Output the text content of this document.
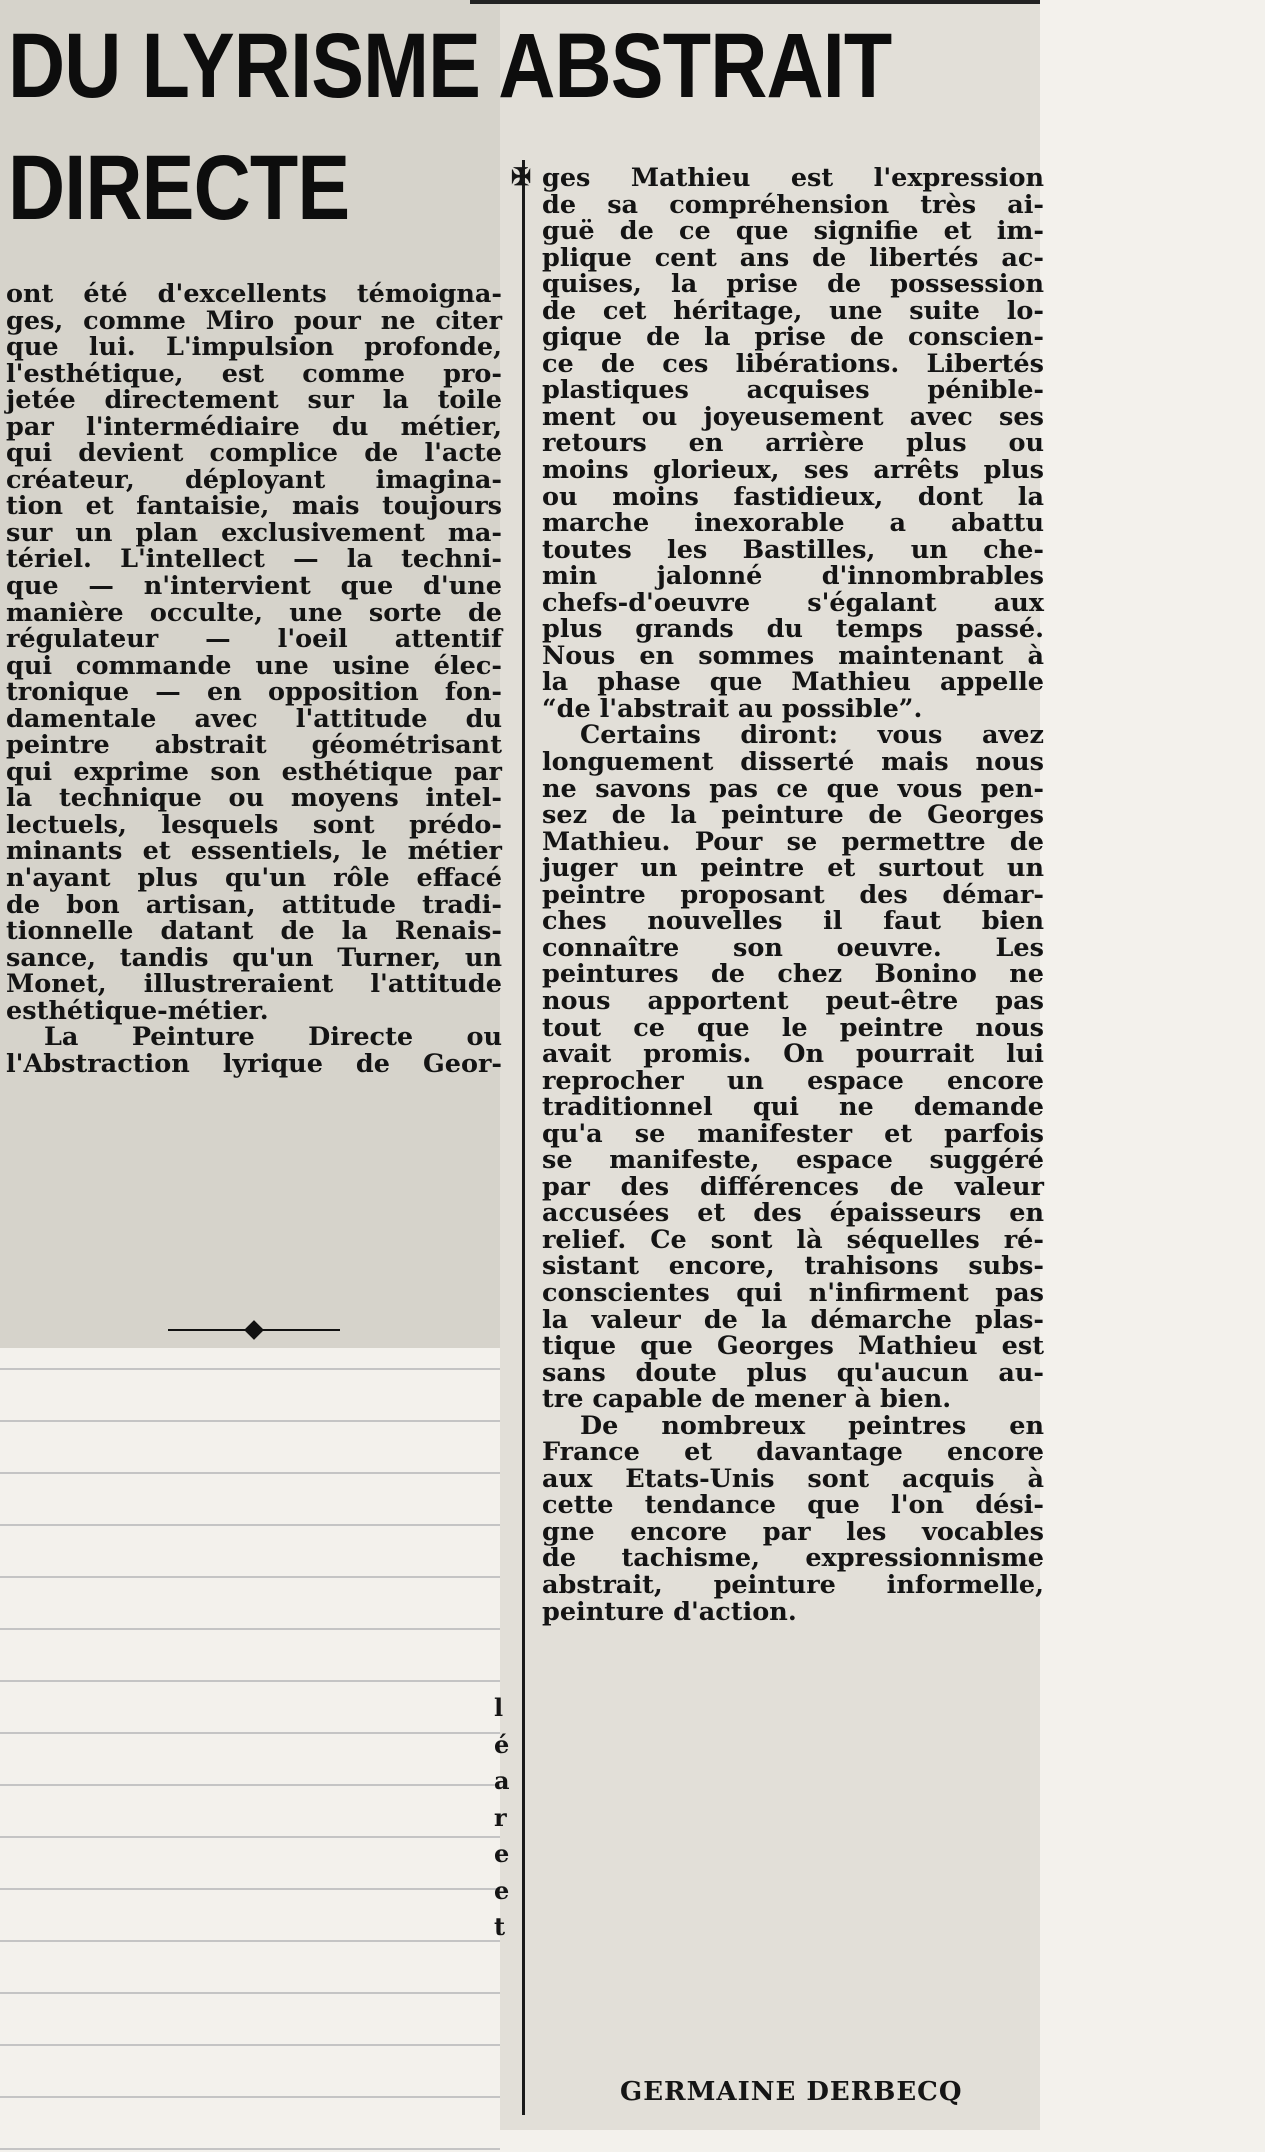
DU LYRISME ABSTRAIT
DIRECTE	✠

ont été d'excellents témoigna-

ges, comme Miro pour ne citer

que lui. L'impulsion profonde,

l'esthétique, est comme pro-

jetée directement sur la toile

par l'intermédiaire du métier,

qui devient complice de l'acte

créateur, déployant imagina-

tion et fantaisie, mais toujours

sur un plan exclusivement ma-

tériel. L'intellect — la techni-

que — n'intervient que d'une

manière occulte, une sorte de

régulateur — l'oeil attentif

qui commande une usine élec-

tronique — en opposition fon-

damentale avec l'attitude du

peintre abstrait géométrisant

qui exprime son esthétique par

la technique ou moyens intel-

lectuels, lesquels sont prédo-

minants et essentiels, le métier

n'ayant plus qu'un rôle effacé

de bon artisan, attitude tradi-

tionnelle datant de la Renais-

sance, tandis qu'un Turner, un

Monet, illustreraient l'attitude

esthétique-métier.

La Peinture Directe ou

l'Abstraction lyrique de Geor-

ges Mathieu est l'expression

de sa compréhension très ai-

guë de ce que signifie et im-

plique cent ans de libertés ac-

quises, la prise de possession

de cet héritage, une suite lo-

gique de la prise de conscien-

ce de ces libérations. Libertés

plastiques acquises pénible-

ment ou joyeusement avec ses

retours en arrière plus ou

moins glorieux, ses arrêts plus

ou moins fastidieux, dont la

marche inexorable a abattu

toutes les Bastilles, un che-

min jalonné d'innombrables

chefs-d'oeuvre s'égalant aux

plus grands du temps passé.

Nous en sommes maintenant à

la phase que Mathieu appelle

“de l'abstrait au possible”.

Certains diront: vous avez

longuement disserté mais nous

ne savons pas ce que vous pen-

sez de la peinture de Georges

Mathieu. Pour se permettre de

juger un peintre et surtout un

peintre proposant des démar-

ches nouvelles il faut bien

connaître son oeuvre. Les

peintures de chez Bonino ne

nous apportent peut-être pas

tout ce que le peintre nous

avait promis. On pourrait lui

reprocher un espace encore

traditionnel qui ne demande

qu'a se manifester et parfois

se manifeste, espace suggéré

par des différences de valeur

accusées et des épaisseurs en

relief. Ce sont là séquelles ré-

sistant encore, trahisons subs-

conscientes qui n'infirment pas

la valeur de la démarche plas-

tique que Georges Mathieu est

sans doute plus qu'aucun au-

tre capable de mener à bien.

De nombreux peintres en

France et davantage encore

aux Etats-Unis sont acquis à

cette tendance que l'on dési-

gne encore par les vocables

de tachisme, expressionnisme

abstrait, peinture informelle,

peinture d'action.

GERMAINE DERBECQ

l
é
a
r
e
e
t
